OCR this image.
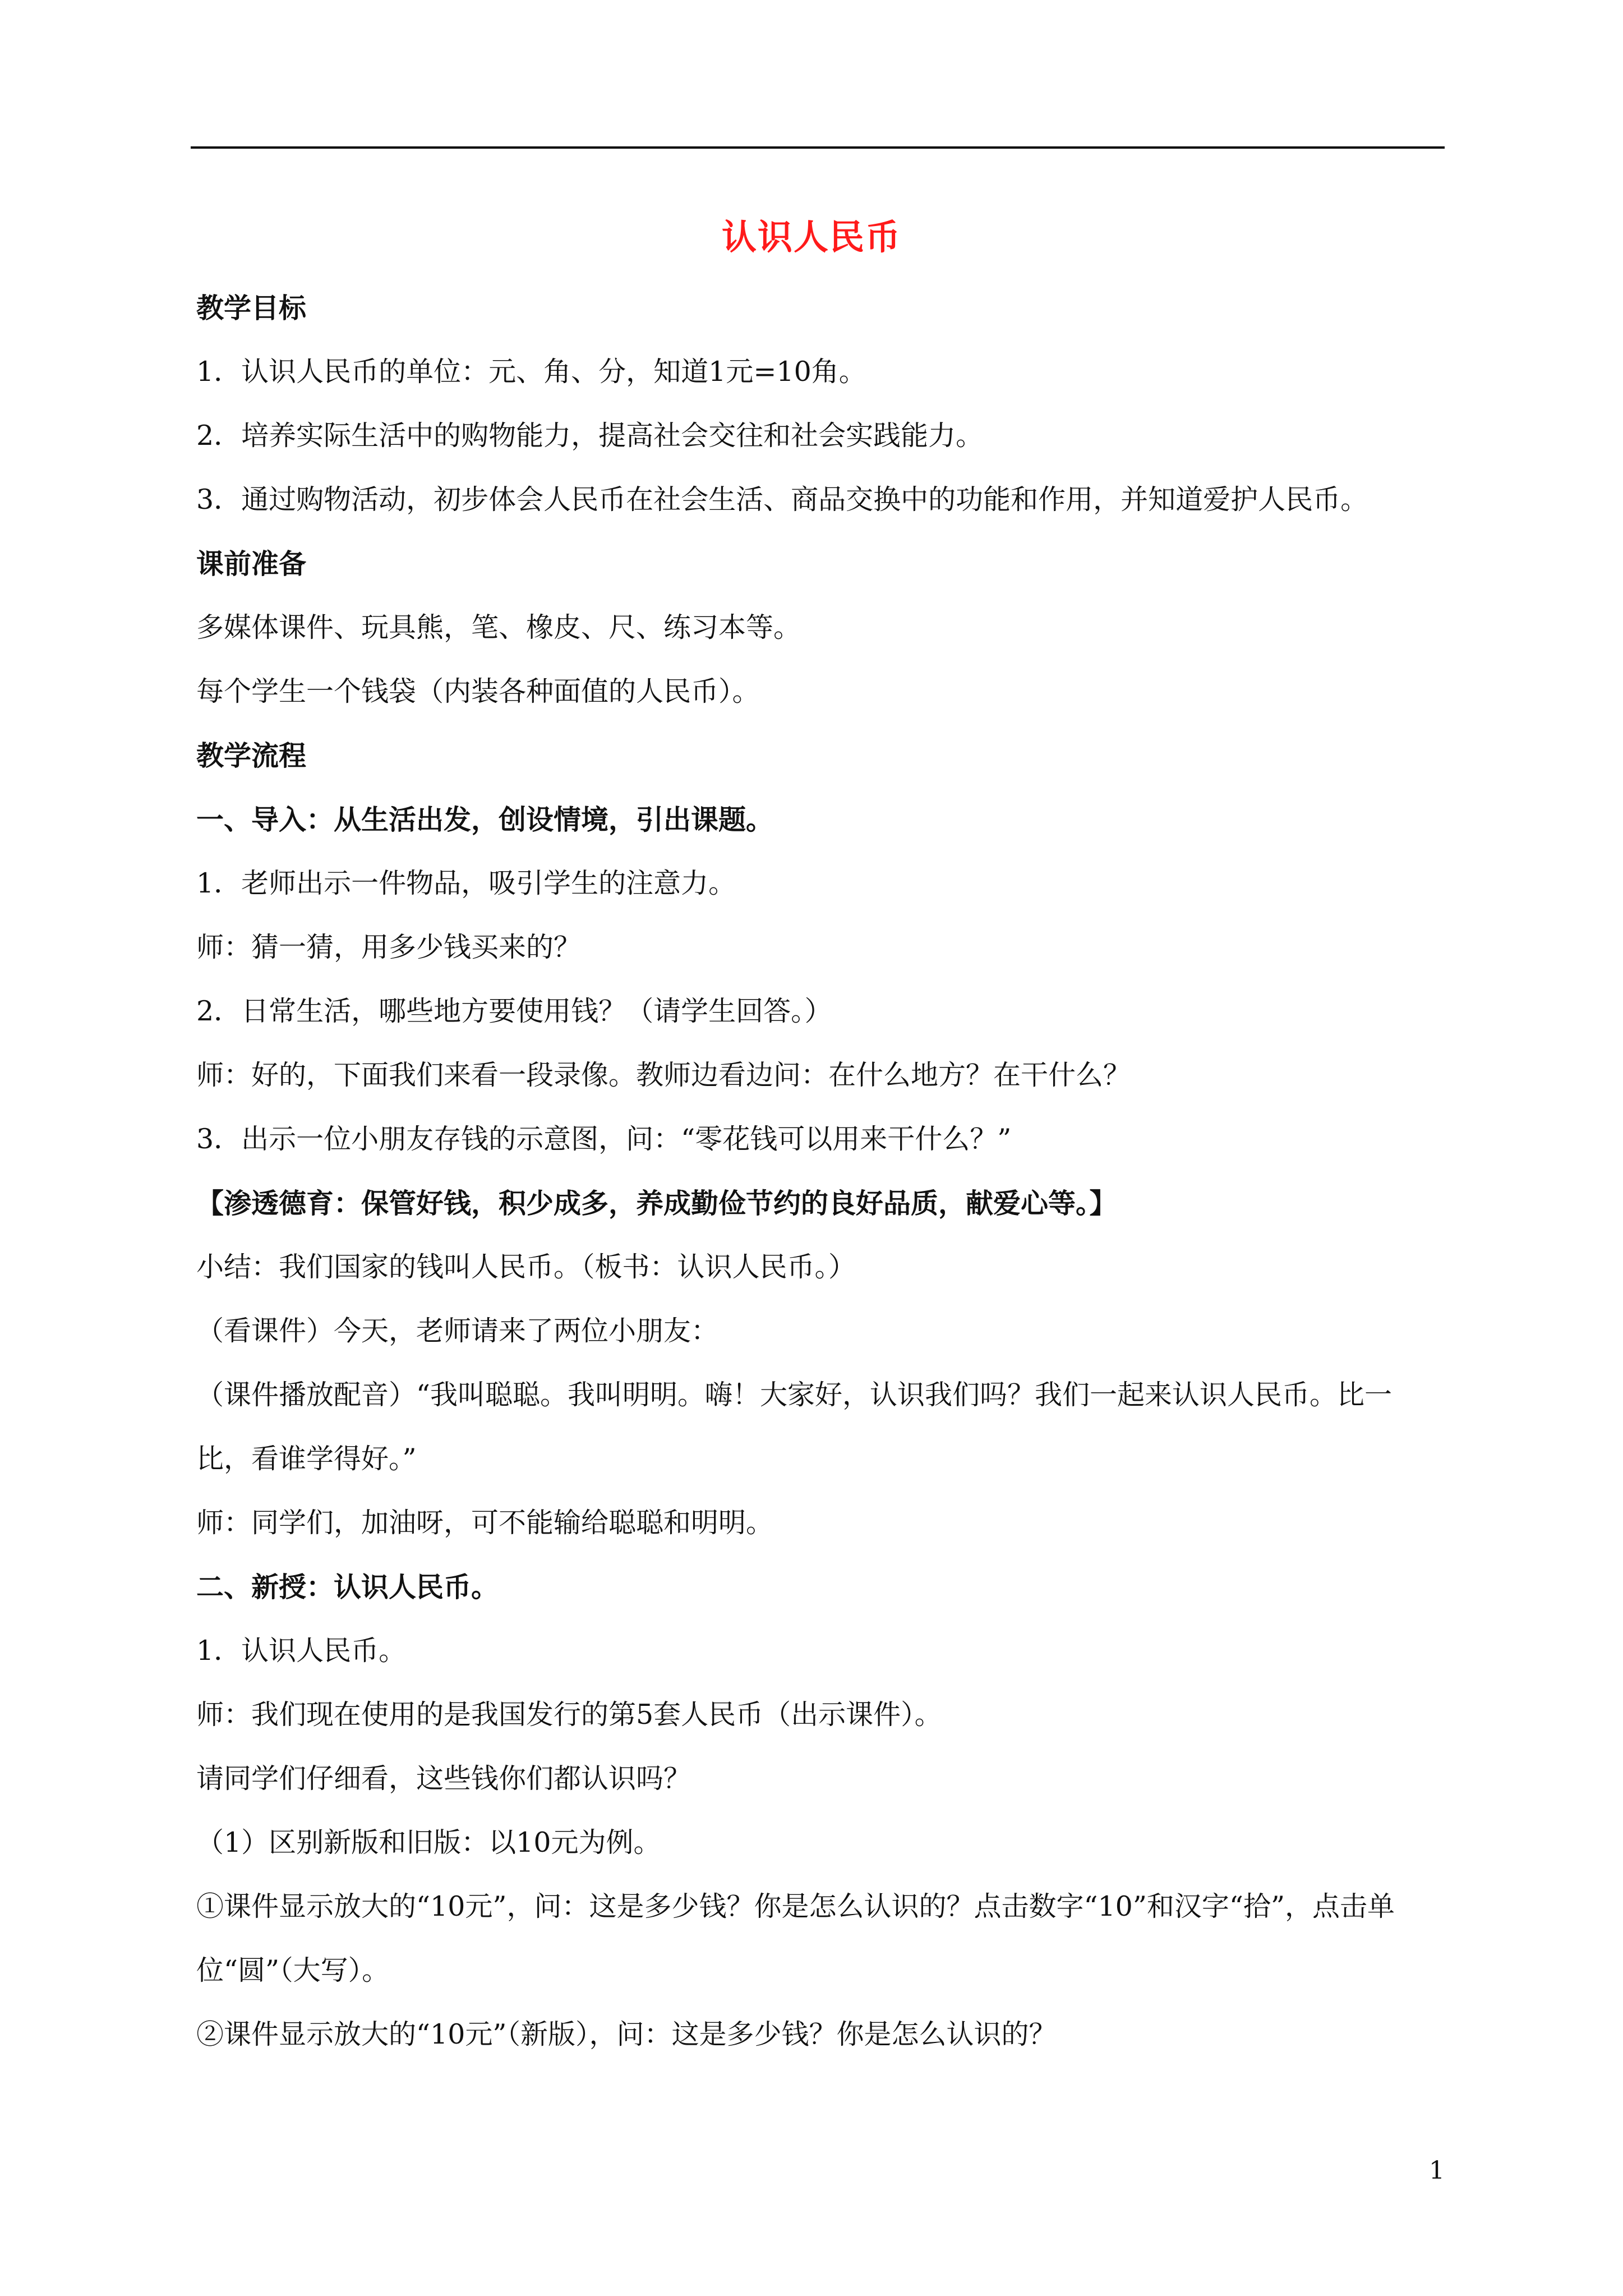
认识人民币
教学目标
1．认识人民币的单位：元、角、分，知道1元=10角。
2．培养实际生活中的购物能力，提高社会交往和社会实践能力。
3．通过购物活动，初步体会人民币在社会生活、商品交换中的功能和作用，并知道爱护人民币。
课前准备
多媒体课件、玩具熊，笔、橡皮、尺、练习本等。
每个学生一个钱袋（内装各种面值的人民币）。
教学流程
一、导入：从生活出发，创设情境，引出课题。
1．老师出示一件物品，吸引学生的注意力。
师：猜一猜，用多少钱买来的？
2．日常生活，哪些地方要使用钱？（请学生回答。）
师：好的，下面我们来看一段录像。教师边看边问：在什么地方？在干什么？
3．出示一位小朋友存钱的示意图，问：“零花钱可以用来干什么？”
【渗透德育：保管好钱，积少成多，养成勤俭节约的良好品质，献爱心等。】
小结：我们国家的钱叫人民币。（板书：认识人民币。）
（看课件）今天，老师请来了两位小朋友：
（课件播放配音）“我叫聪聪。我叫明明。嗨！大家好，认识我们吗？我们一起来认识人民币。比一比，看谁学得好。”
师：同学们，加油呀，可不能输给聪聪和明明。
二、新授：认识人民币。
1．认识人民币。
师：我们现在使用的是我国发行的第5套人民币（出示课件）。
请同学们仔细看，这些钱你们都认识吗？
（1）区别新版和旧版：以10元为例。
①课件显示放大的“10元”，问：这是多少钱？你是怎么认识的？点击数字“10”和汉字“拾”，点击单位“圆”（大写）。
②课件显示放大的“10元”（新版），问：这是多少钱？你是怎么认识的？
1
